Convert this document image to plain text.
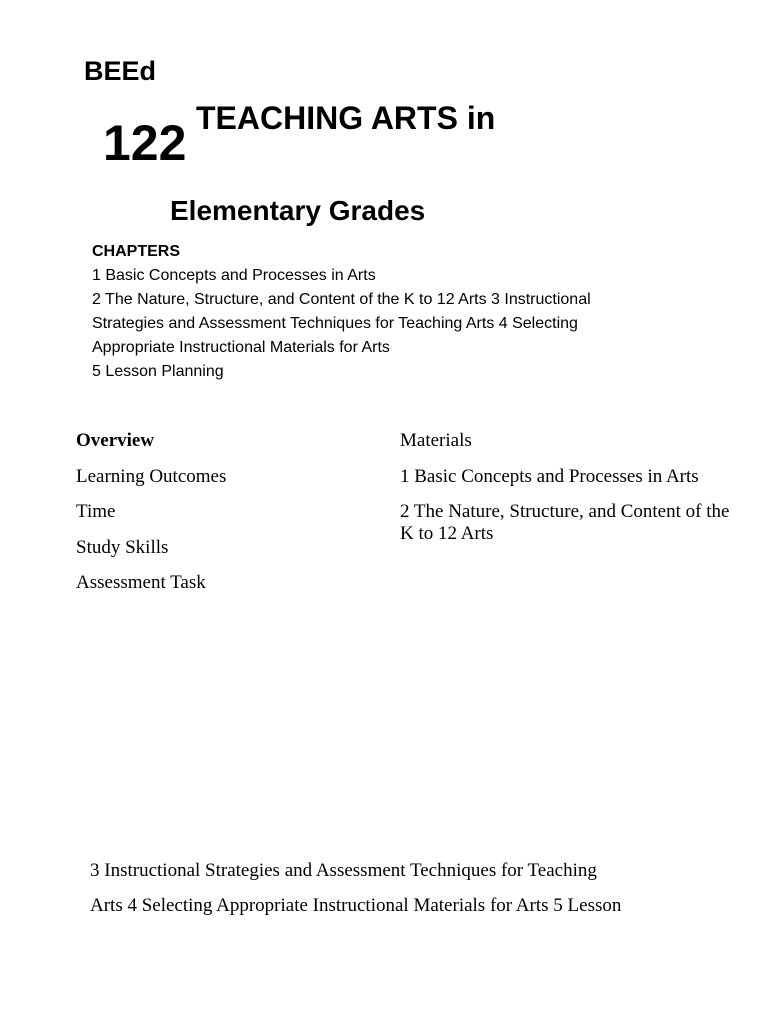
BEEd
122 TEACHING ARTS in
Elementary Grades
CHAPTERS
1 Basic Concepts and Processes in Arts
2 The Nature, Structure, and Content of the K to 12 Arts 3 Instructional
Strategies and Assessment Techniques for Teaching Arts 4 Selecting
Appropriate Instructional Materials for Arts
5 Lesson Planning
Overview
Learning Outcomes
Time
Study Skills
Assessment Task
Materials
1 Basic Concepts and Processes in Arts
2 The Nature, Structure, and Content of the K to 12 Arts
3 Instructional Strategies and Assessment Techniques for Teaching
Arts 4 Selecting Appropriate Instructional Materials for Arts 5 Lesson
